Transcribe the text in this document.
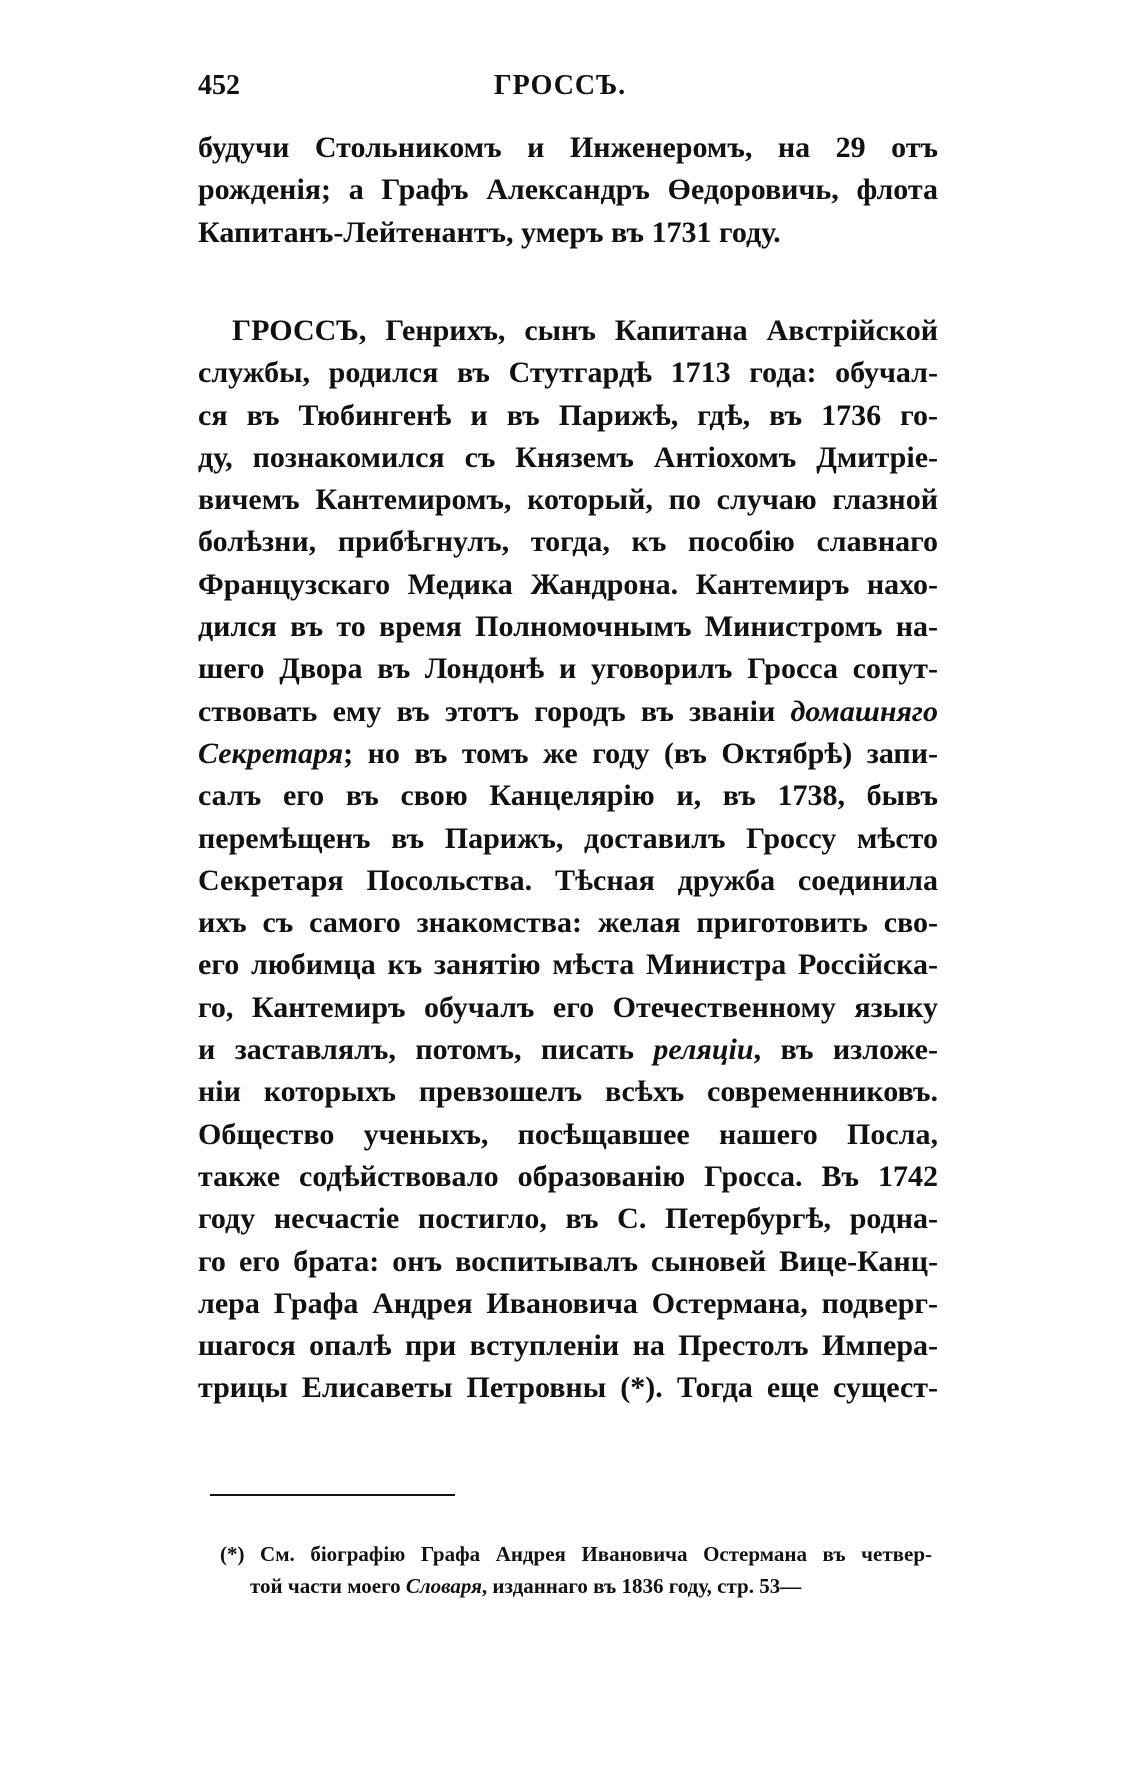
452	ГРОССЪ.
будучи Стольникомъ и Инженеромъ, на 29 отъ
рожденія; а Графъ Александръ Өедоровичь, флота
Капитанъ-Лейтенантъ, умеръ въ 1731 году.
ГРОССЪ, Генрихъ, сынъ Капитана Австрійской
службы, родился въ Стутгардѣ 1713 года: обучал-
ся въ Тюбингенѣ и въ Парижѣ, гдѣ, въ 1736 го-
ду, познакомился съ Княземъ Антіохомъ Дмитріе-
вичемъ Кантемиромъ, который, по случаю глазной
болѣзни, прибѣгнулъ, тогда, къ пособію славнаго
Французскаго Медика Жандрона. Кантемиръ нахо-
дился въ то время Полномочнымъ Министромъ на-
шего Двора въ Лондонѣ и уговорилъ Гросса сопут-
ствовать ему въ этотъ городъ въ званіи домашняго
Секретаря; но въ томъ же году (въ Октябрѣ) запи-
салъ его въ свою Канцелярію и, въ 1738, бывъ
перемѣщенъ въ Парижъ, доставилъ Гроссу мѣсто
Секретаря Посольства. Тѣсная дружба соединила
ихъ съ самого знакомства: желая приготовить сво-
его любимца къ занятію мѣста Министра Россійска-
го, Кантемиръ обучалъ его Отечественному языку
и заставлялъ, потомъ, писать реляціи, въ изложе-
ніи которыхъ превзошелъ всѣхъ современниковъ.
Общество ученыхъ, посѣщавшее нашего Посла,
также содѣйствовало образованію Гросса. Въ 1742
году несчастіе постигло, въ С. Петербургѣ, родна-
го его брата: онъ воспитывалъ сыновей Вице-Канц-
лера Графа Андрея Ивановича Остермана, подверг-
шагося опалѣ при вступленіи на Престолъ Импера-
трицы Елисаветы Петровны (*). Тогда еще сущест-
(*) См. біографію Графа Андрея Ивановича Остермана въ четвер-
той части моего Словаря, изданнаго въ 1836 году, стр. 53—
